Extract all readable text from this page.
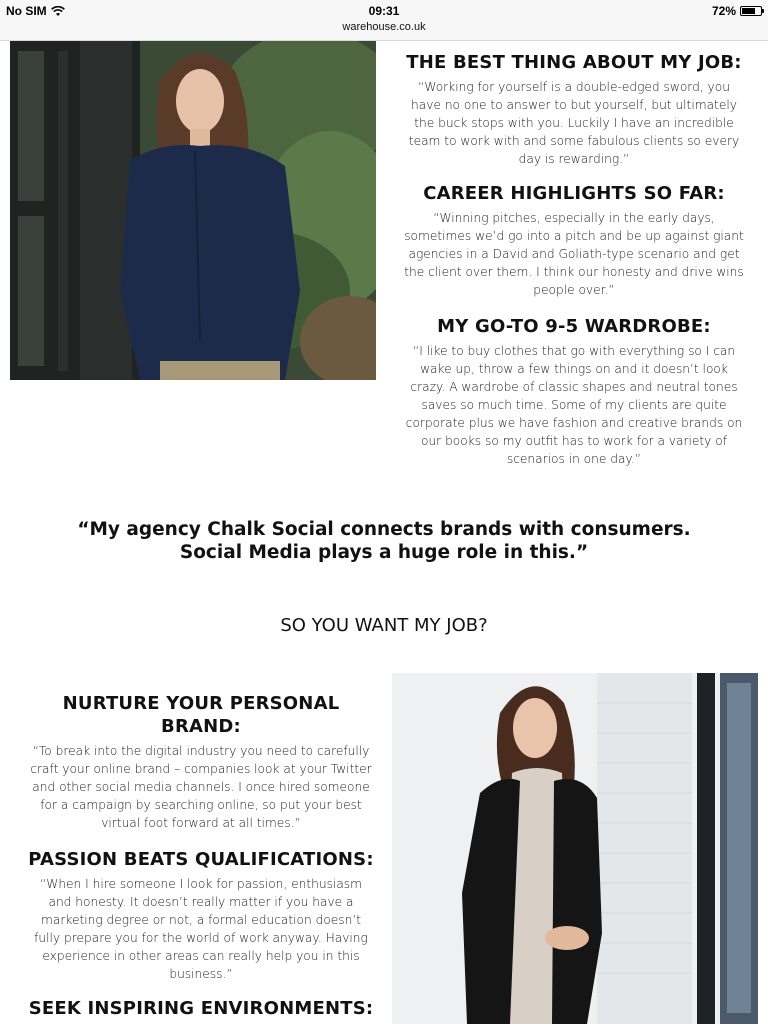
No SIM	09:31	72%
warehouse.co.uk
THE BEST THING ABOUT MY JOB:

“Working for yourself is a double-edged sword, you have no one to answer to but yourself, but ultimately the buck stops with you. Luckily I have an incredible team to work with and some fabulous clients so every day is rewarding.”

CAREER HIGHLIGHTS SO FAR:

“Winning pitches, especially in the early days, sometimes we’d go into a pitch and be up against giant agencies in a David and Goliath-type scenario and get the client over them. I think our honesty and drive wins people over.”

MY GO-TO 9-5 WARDROBE:

“I like to buy clothes that go with everything so I can wake up, throw a few things on and it doesn’t look crazy. A wardrobe of classic shapes and neutral tones saves so much time. Some of my clients are quite corporate plus we have fashion and creative brands on our books so my outfit has to work for a variety of scenarios in one day.”

“My agency Chalk Social connects brands with consumers.
Social Media plays a huge role in this.”
SO YOU WANT MY JOB?
NURTURE YOUR PERSONAL BRAND:

“To break into the digital industry you need to carefully craft your online brand – companies look at your Twitter and other social media channels. I once hired someone for a campaign by searching online, so put your best virtual foot forward at all times.”

PASSION BEATS QUALIFICATIONS:

“When I hire someone I look for passion, enthusiasm and honesty. It doesn’t really matter if you have a marketing degree or not, a formal education doesn’t fully prepare you for the world of work anyway. Having experience in other areas can really help you in this business.”

SEEK INSPIRING ENVIRONMENTS:
